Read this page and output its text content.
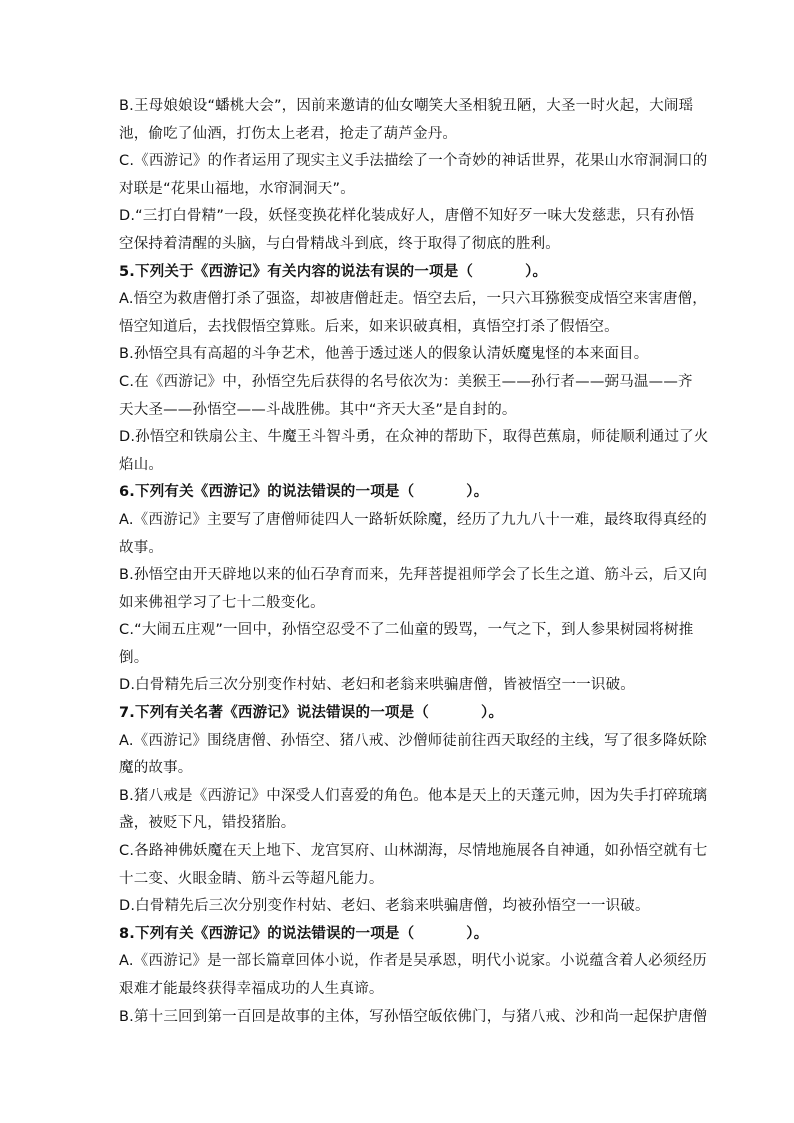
B.王母娘娘设“蟠桃大会”，因前来邀请的仙女嘲笑大圣相貌丑陋，大圣一时火起，大闹瑶
池，偷吃了仙酒，打伤太上老君，抢走了葫芦金丹。
C.《西游记》的作者运用了现实主义手法描绘了一个奇妙的神话世界，花果山水帘洞洞口的
对联是“花果山福地，水帘洞洞天”。
D.“三打白骨精”一段，妖怪变换花样化装成好人，唐僧不知好歹一味大发慈悲，只有孙悟
空保持着清醒的头脑，与白骨精战斗到底，终于取得了彻底的胜利。
5.下列关于《西游记》有关内容的说法有误的一项是（	）。
A.悟空为救唐僧打杀了强盗，却被唐僧赶走。悟空去后，一只六耳猕猴变成悟空来害唐僧，
悟空知道后，去找假悟空算账。后来，如来识破真相，真悟空打杀了假悟空。
B.孙悟空具有高超的斗争艺术，他善于透过迷人的假象认清妖魔鬼怪的本来面目。
C.在《西游记》中，孙悟空先后获得的名号依次为：美猴王——孙行者——弼马温——齐
天大圣——孙悟空——斗战胜佛。其中“齐天大圣”是自封的。
D.孙悟空和铁扇公主、牛魔王斗智斗勇，在众神的帮助下，取得芭蕉扇，师徒顺利通过了火
焰山。
6.下列有关《西游记》的说法错误的一项是（	）。
A.《西游记》主要写了唐僧师徒四人一路斩妖除魔，经历了九九八十一难，最终取得真经的
故事。
B.孙悟空由开天辟地以来的仙石孕育而来，先拜菩提祖师学会了长生之道、筋斗云，后又向
如来佛祖学习了七十二般变化。
C.“大闹五庄观”一回中，孙悟空忍受不了二仙童的毁骂，一气之下，到人参果树园将树推
倒。
D.白骨精先后三次分别变作村姑、老妇和老翁来哄骗唐僧，皆被悟空一一识破。
7.下列有关名著《西游记》说法错误的一项是（	）。
A.《西游记》围绕唐僧、孙悟空、猪八戒、沙僧师徒前往西天取经的主线，写了很多降妖除
魔的故事。
B.猪八戒是《西游记》中深受人们喜爱的角色。他本是天上的天蓬元帅，因为失手打碎琉璃
盏，被贬下凡，错投猪胎。
C.各路神佛妖魔在天上地下、龙宫冥府、山林湖海，尽情地施展各自神通，如孙悟空就有七
十二变、火眼金睛、筋斗云等超凡能力。
D.白骨精先后三次分别变作村姑、老妇、老翁来哄骗唐僧，均被孙悟空一一识破。
8.下列有关《西游记》的说法错误的一项是（	）。
A.《西游记》是一部长篇章回体小说，作者是吴承恩，明代小说家。小说蕴含着人必须经历
艰难才能最终获得幸福成功的人生真谛。
B.第十三回到第一百回是故事的主体，写孙悟空皈依佛门，与猪八戒、沙和尚一起保护唐僧
